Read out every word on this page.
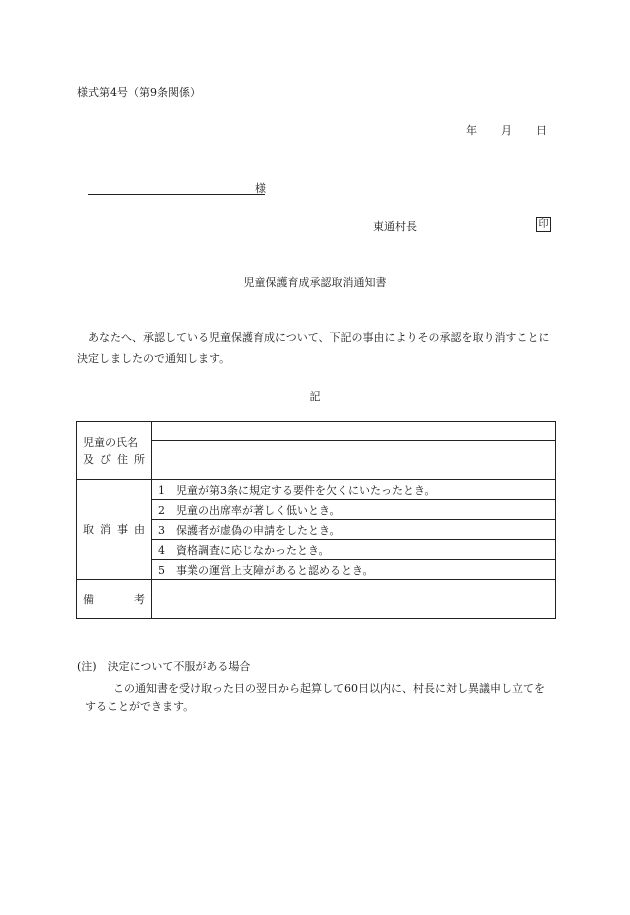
様式第4号（第9条関係）
年 月 日
様
東通村長	印
児童保護育成承認取消通知書
あなたへ、承認している児童保護育成について、下記の事由によりその承認を取り消すことに決定しましたので通知します。
記
児童の氏名
及 び 住 所	

取 消 事 由	1　児童が第3条に規定する要件を欠くにいたったとき。
	2　児童の出席率が著しく低いとき。
	3　保護者が虚偽の申請をしたとき。
	4　資格調査に応じなかったとき。
	5　事業の運営上支障があると認めるとき。

備 考	

(注)　決定について不服がある場合
この通知書を受け取った日の翌日から起算して60日以内に、村長に対し異議申し立てをすることができます。
